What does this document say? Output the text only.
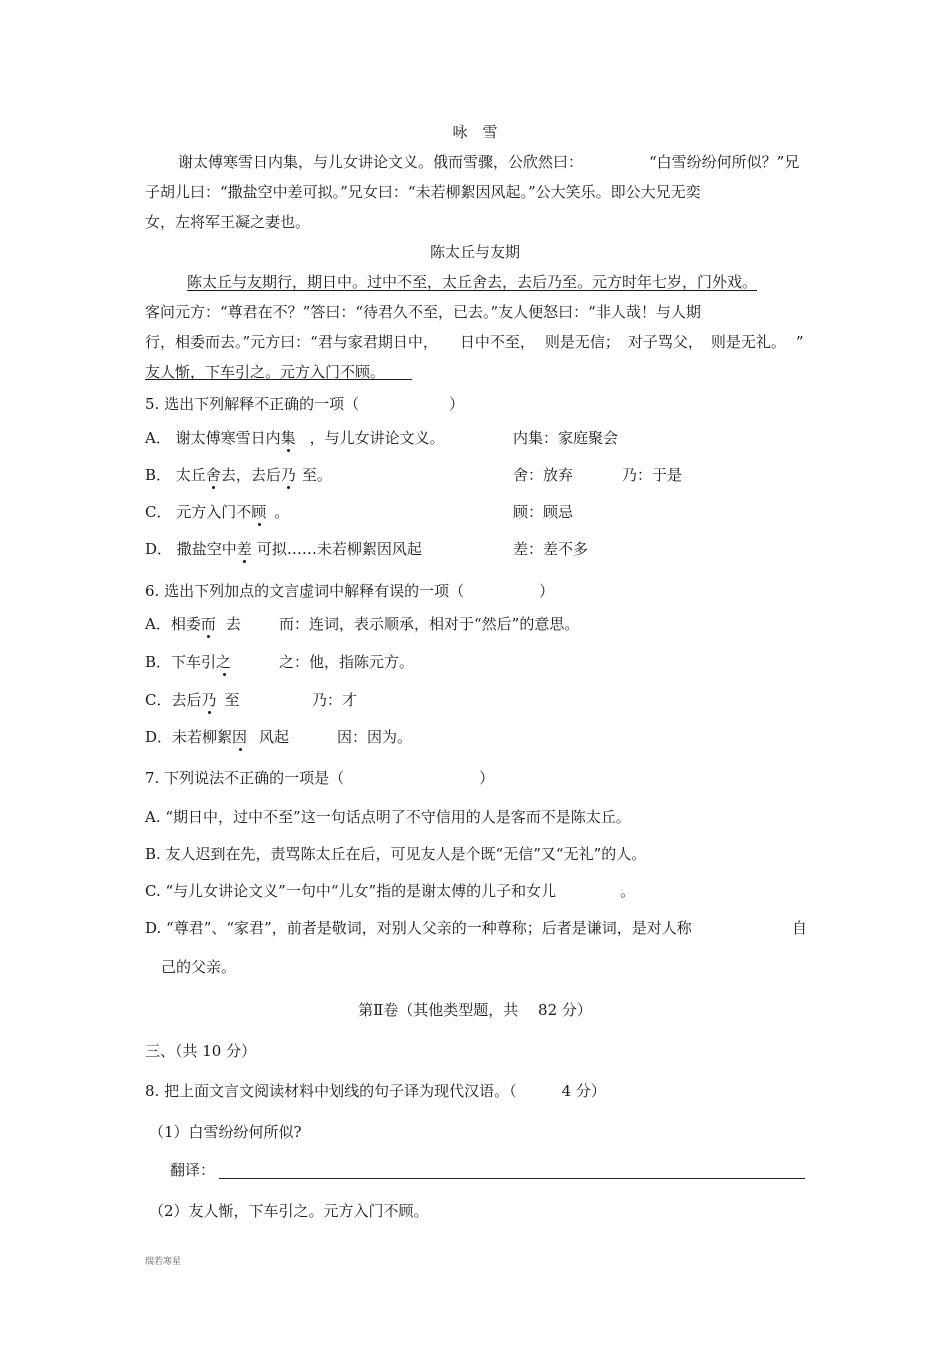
咏　雪
谢太傅寒雪日内集，与儿女讲论文义。俄而雪骤，公欣然曰：	“白雪纷纷何所似？”兄
子胡儿曰：“撒盐空中差可拟。”兄女曰：“未若柳絮因风起。”公大笑乐。即公大兄无奕
女，左将军王凝之妻也。
陈太丘与友期
陈太丘与友期行，期日中。过中不至，太丘舍去，去后乃至。元方时年七岁，门外戏。
客问元方：“尊君在不？”答曰：“待君久不至，已去。”友人便怒曰：“非人哉！与人期
行，相委而去。”元方曰：“君与家君期日中， 日中不至， 则是无信； 对子骂父， 则是无礼。 ”
友人惭，下车引之。元方入门不顾。
5. 选出下列解释不正确的一项（　　　　　　）
A． 谢太傅寒雪日内集 ，与儿女讲论文义。	内集：家庭聚会
B． 太丘舍去，去后乃 至。	舍：放弃	乃：于是
C． 元方入门不顾 。	顾：顾忌
D． 撒盐空中差 可拟……未若柳絮因风起	差：差不多
6. 选出下列加点的文言虚词中解释有误的一项（　　　　　）
A．相委而 去	而：连词，表示顺承，相对于“然后”的意思。
B．下车引之	之：他，指陈元方。
C．去后乃 至	乃：才
D．未若柳絮因 风起	因：因为。
7. 下列说法不正确的一项是（　　　　　　　　　）
A. “期日中，过中不至”这一句话点明了不守信用的人是客而不是陈太丘。
B. 友人迟到在先，责骂陈太丘在后，可见友人是个既“无信”又“无礼”的人。
C. “与儿女讲论文义”一句中“儿女”指的是谢太傅的儿子和女儿	。
D. “尊君”、“家君”，前者是敬词，对别人父亲的一种尊称；后者是谦词，是对人称	自
己的父亲。
第Ⅱ卷（其他类型题，共　 82 分）
三、（共 10 分）
8. 把上面文言文阅读材料中划线的句子译为现代汉语。（　　　4 分）
（1）白雪纷纷何所似?
翻译：
（2）友人惭，下车引之。元方入门不顾。
瑞若寒星
